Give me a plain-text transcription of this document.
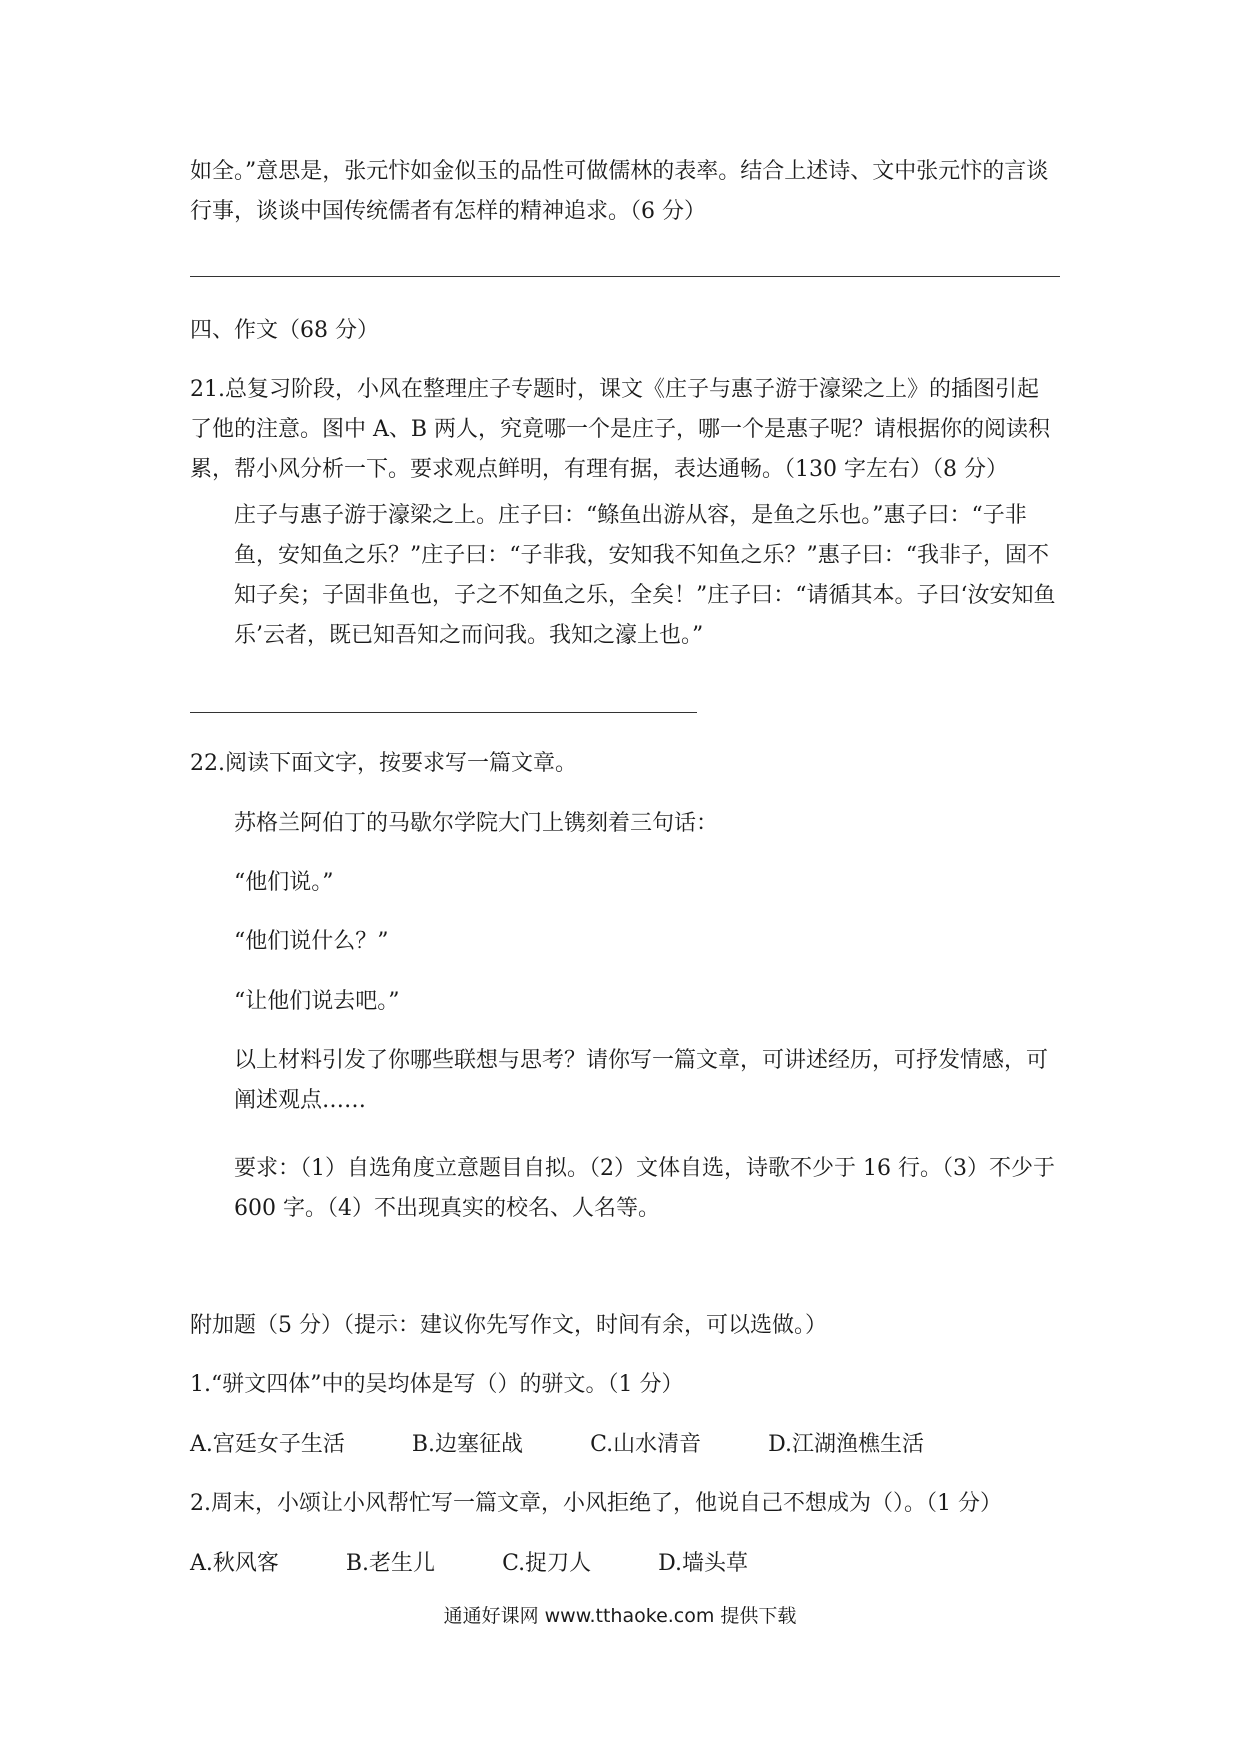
如全。”意思是，张元忭如金似玉的品性可做儒林的表率。结合上述诗、文中张元忭的言谈行事，谈谈中国传统儒者有怎样的精神追求。（6 分）

四、作文（68 分）

21.总复习阶段，小风在整理庄子专题时，课文《庄子与惠子游于濠梁之上》的插图引起了他的注意。图中 A、B 两人，究竟哪一个是庄子，哪一个是惠子呢？请根据你的阅读积累，帮小风分析一下。要求观点鲜明，有理有据，表达通畅。（130 字左右）（8 分）

庄子与惠子游于濠梁之上。庄子曰：“鲦鱼出游从容，是鱼之乐也。”惠子曰：“子非鱼，安知鱼之乐？”庄子曰：“子非我，安知我不知鱼之乐？”惠子曰：“我非子，固不知子矣；子固非鱼也，子之不知鱼之乐，全矣！”庄子曰：“请循其本。子曰‘汝安知鱼乐’云者，既已知吾知之而问我。我知之濠上也。”

22.阅读下面文字，按要求写一篇文章。

苏格兰阿伯丁的马歇尔学院大门上镌刻着三句话：

“他们说。”

“他们说什么？”

“让他们说去吧。”

以上材料引发了你哪些联想与思考？请你写一篇文章，可讲述经历，可抒发情感，可阐述观点……

要求：（1）自选角度立意题目自拟。（2）文体自选，诗歌不少于 16 行。（3）不少于 600 字。（4）不出现真实的校名、人名等。

附加题（5 分）（提示：建议你先写作文，时间有余，可以选做。）

1.“骈文四体”中的吴均体是写（）的骈文。（1 分）

A.宫廷女子生活	B.边塞征战	C.山水清音	D.江湖渔樵生活

2.周末，小颂让小风帮忙写一篇文章，小风拒绝了，他说自己不想成为（）。（1 分）

A.秋风客	B.老生儿	C.捉刀人	D.墙头草
通通好课网 www.tthaoke.com 提供下载
